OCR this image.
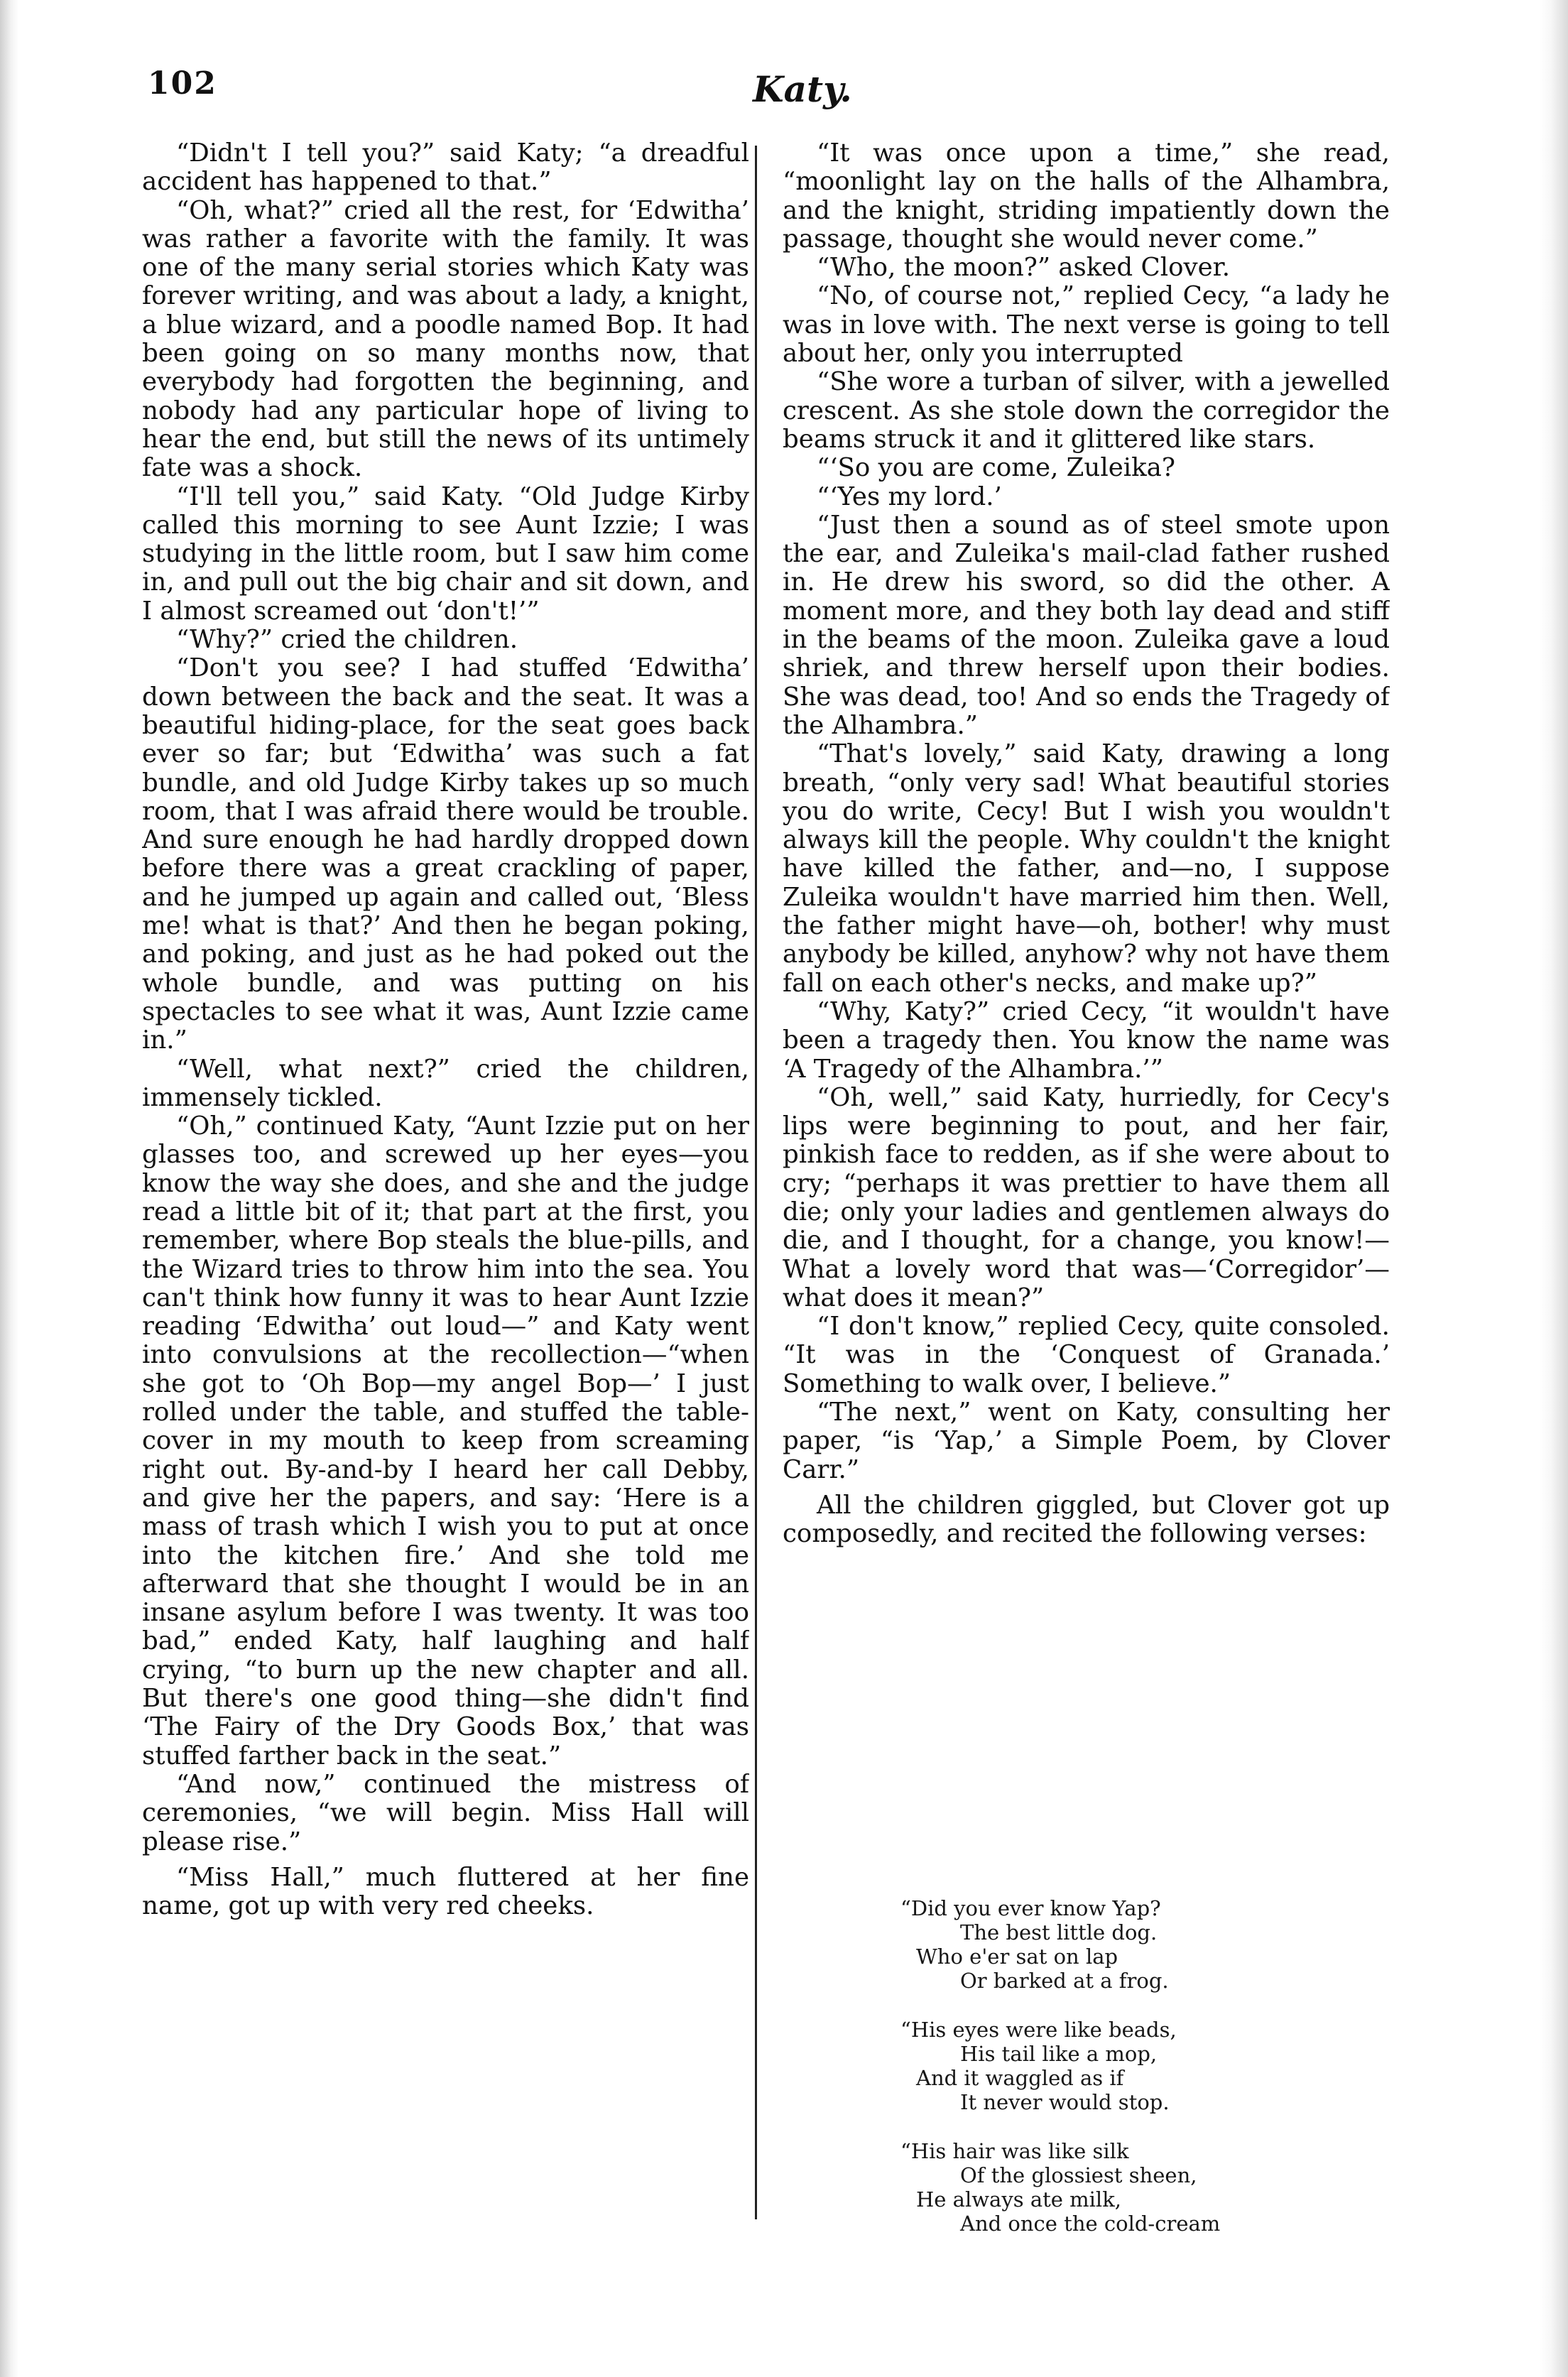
102	Katy.

“Didn't I tell you?” said Katy; “a dreadful accident has happened to that.”

“Oh, what?” cried all the rest, for ‘Edwitha’ was rather a favorite with the family. It was one of the many serial stories which Katy was forever writing, and was about a lady, a knight, a blue wizard, and a poodle named Bop. It had been going on so many months now, that everybody had forgotten the beginning, and nobody had any particular hope of living to hear the end, but still the news of its untimely fate was a shock.

“I'll tell you,” said Katy. “Old Judge Kirby called this morning to see Aunt Izzie; I was studying in the little room, but I saw him come in, and pull out the big chair and sit down, and I almost screamed out ‘don't!’”

“Why?” cried the children.

“Don't you see? I had stuffed ‘Edwitha’ down between the back and the seat. It was a beautiful hiding-place, for the seat goes back ever so far; but ‘Edwitha’ was such a fat bundle, and old Judge Kirby takes up so much room, that I was afraid there would be trouble. And sure enough he had hardly dropped down before there was a great crackling of paper, and he jumped up again and called out, ‘Bless me! what is that?’ And then he began poking, and poking, and just as he had poked out the whole bundle, and was putting on his spectacles to see what it was, Aunt Izzie came in.”

“Well, what next?” cried the children, immensely tickled.

“Oh,” continued Katy, “Aunt Izzie put on her glasses too, and screwed up her eyes—you know the way she does, and she and the judge read a little bit of it; that part at the first, you remember, where Bop steals the blue-pills, and the Wizard tries to throw him into the sea. You can't think how funny it was to hear Aunt Izzie reading ‘Edwitha’ out loud—” and Katy went into convulsions at the recollection—“when she got to ‘Oh Bop—my angel Bop—’ I just rolled under the table, and stuffed the table-cover in my mouth to keep from screaming right out. By-and-by I heard her call Debby, and give her the papers, and say: ‘Here is a mass of trash which I wish you to put at once into the kitchen fire.’ And she told me afterward that she thought I would be in an insane asylum before I was twenty. It was too bad,” ended Katy, half laughing and half crying, “to burn up the new chapter and all. But there's one good thing—she didn't find ‘The Fairy of the Dry Goods Box,’ that was stuffed farther back in the seat.”

“And now,” continued the mistress of ceremonies, “we will begin. Miss Hall will please rise.”

“Miss Hall,” much fluttered at her fine name, got up with very red cheeks.

“It was once upon a time,” she read, “moonlight lay on the halls of the Alhambra, and the knight, striding impatiently down the passage, thought she would never come.”

“Who, the moon?” asked Clover.

“No, of course not,” replied Cecy, “a lady he was in love with. The next verse is going to tell about her, only you interrupted

“She wore a turban of silver, with a jewelled crescent. As she stole down the corregidor the beams struck it and it glittered like stars.

“‘So you are come, Zuleika?

“‘Yes my lord.’

“Just then a sound as of steel smote upon the ear, and Zuleika's mail-clad father rushed in. He drew his sword, so did the other. A moment more, and they both lay dead and stiff in the beams of the moon. Zuleika gave a loud shriek, and threw herself upon their bodies. She was dead, too! And so ends the Tragedy of the Alhambra.”

“That's lovely,” said Katy, drawing a long breath, “only very sad! What beautiful stories you do write, Cecy! But I wish you wouldn't always kill the people. Why couldn't the knight have killed the father, and—no, I suppose Zuleika wouldn't have married him then. Well, the father might have—oh, bother! why must anybody be killed, anyhow? why not have them fall on each other's necks, and make up?”

“Why, Katy?” cried Cecy, “it wouldn't have been a tragedy then. You know the name was ‘A Tragedy of the Alhambra.’”

“Oh, well,” said Katy, hurriedly, for Cecy's lips were beginning to pout, and her fair, pinkish face to redden, as if she were about to cry; “perhaps it was prettier to have them all die; only your ladies and gentlemen always do die, and I thought, for a change, you know!—What a lovely word that was—‘Corregidor’—what does it mean?”

“I don't know,” replied Cecy, quite consoled. “It was in the ‘Conquest of Granada.’ Something to walk over, I believe.”

“The next,” went on Katy, consulting her paper, “is ‘Yap,’ a Simple Poem, by Clover Carr.”

All the children giggled, but Clover got up composedly, and recited the following verses:

“Did you ever know Yap?
The best little dog.
Who e'er sat on lap
Or barked at a frog.
“His eyes were like beads,
His tail like a mop,
And it waggled as if
It never would stop.
“His hair was like silk
Of the glossiest sheen,
He always ate milk,
And once the cold-cream
